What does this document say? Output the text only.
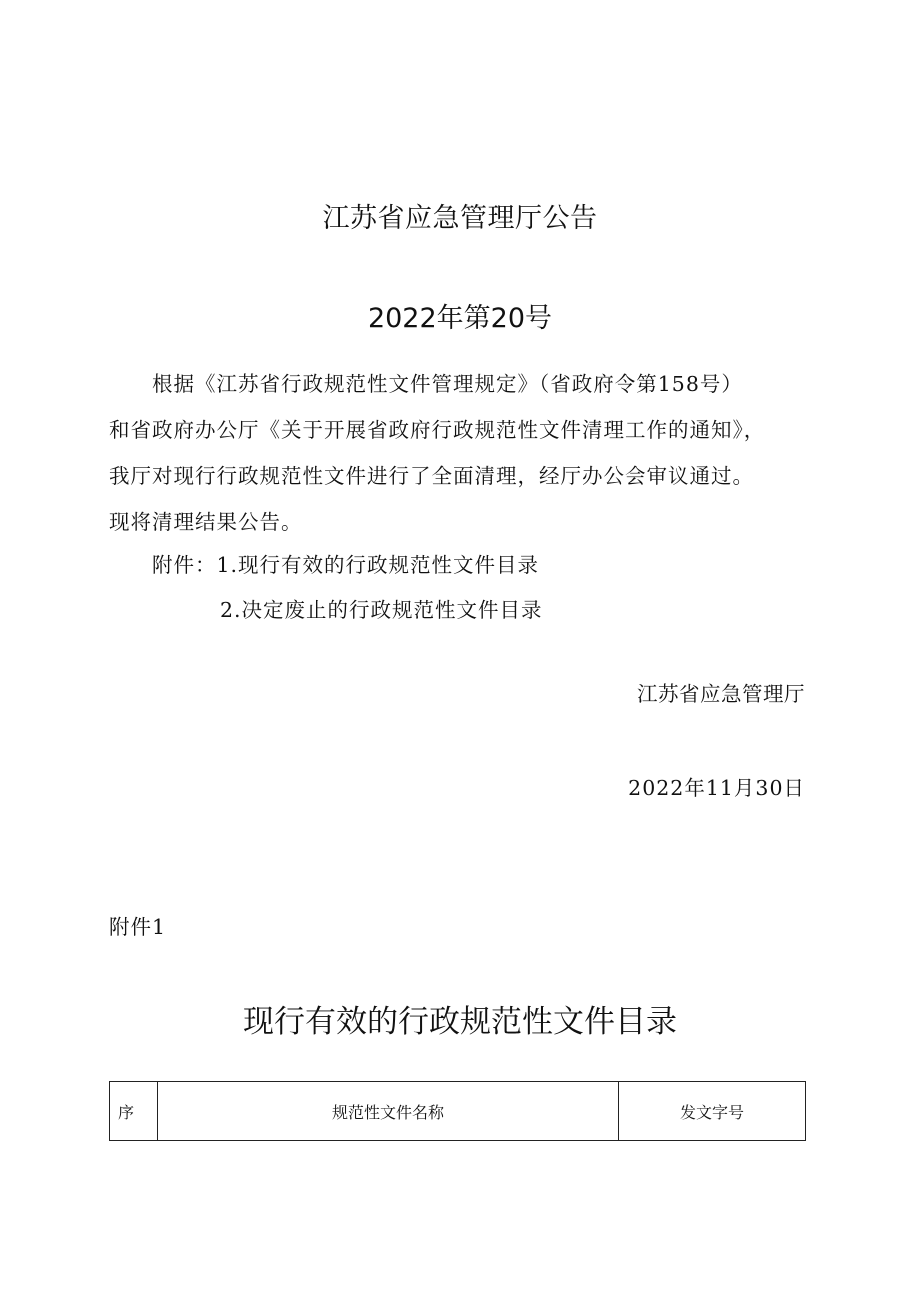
江苏省应急管理厅公告
2022年第20号
根据《江苏省行政规范性文件管理规定》（省政府令第158号）
和省政府办公厅《关于开展省政府行政规范性文件清理工作的通知》，
我厅对现行行政规范性文件进行了全面清理，经厅办公会审议通过。
现将清理结果公告。
附件：1.现行有效的行政规范性文件目录
2.决定废止的行政规范性文件目录
江苏省应急管理厅
2022年11月30日
附件1
现行有效的行政规范性文件目录
序	规范性文件名称	发文字号
